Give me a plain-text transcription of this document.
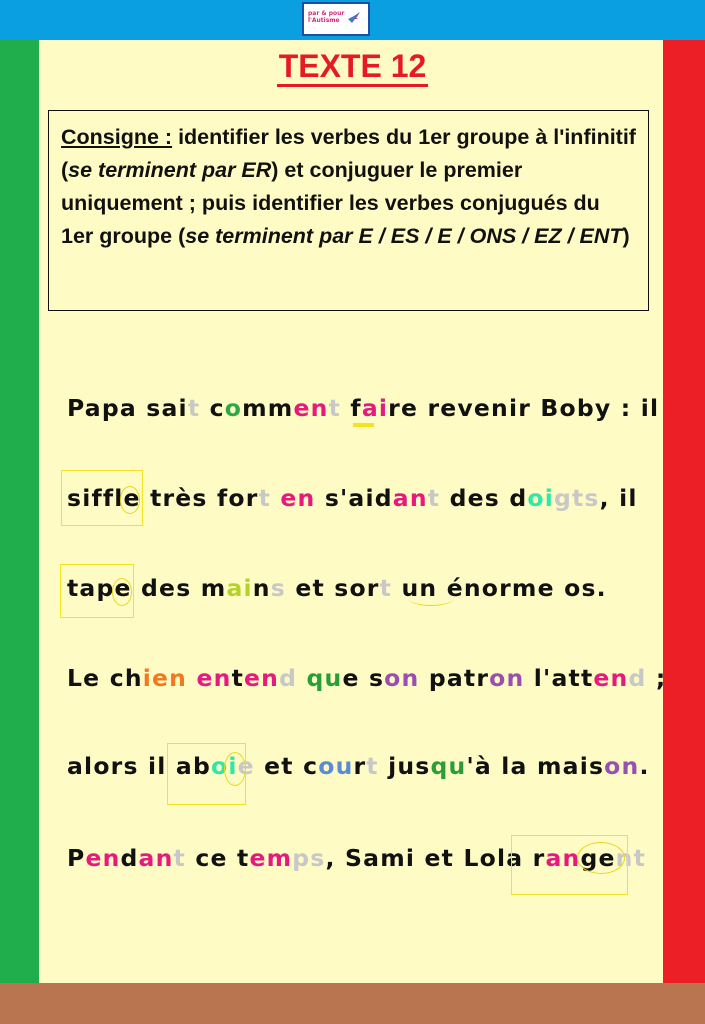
par & pour l'Autisme
TEXTE 12
Consigne : identifier les verbes du 1er groupe à l'infinitif (se terminent par ER) et conjuguer le premier uniquement ; puis identifier les verbes conjugués du 1er groupe (se terminent par E / ES / E / ONS / EZ / ENT)
Papa sait comment faire revenir Boby : il
siffle très fort en s'aidant des doigts, il
tape des mains et sort un énorme os.
Le chien entend que son patron l'attend ;
alors il aboie et court jusqu'à la maison.
Pendant ce temps, Sami et Lola rangent
